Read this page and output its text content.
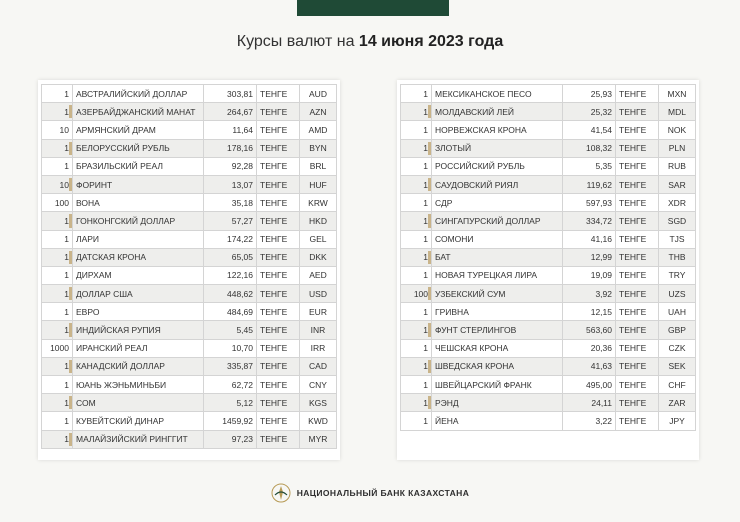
Курсы валют на 14 июня 2023 года
1	АВСТРАЛИЙСКИЙ ДОЛЛАР	303,81	ТЕНГЕ	AUD
1	АЗЕРБАЙДЖАНСКИЙ МАНАТ	264,67	ТЕНГЕ	AZN
10	АРМЯНСКИЙ ДРАМ	11,64	ТЕНГЕ	AMD
1	БЕЛОРУССКИЙ РУБЛЬ	178,16	ТЕНГЕ	BYN
1	БРАЗИЛЬСКИЙ РЕАЛ	92,28	ТЕНГЕ	BRL
10	ФОРИНТ	13,07	ТЕНГЕ	HUF
100	ВОНА	35,18	ТЕНГЕ	KRW
1	ГОНКОНГСКИЙ ДОЛЛАР	57,27	ТЕНГЕ	HKD
1	ЛАРИ	174,22	ТЕНГЕ	GEL
1	ДАТСКАЯ КРОНА	65,05	ТЕНГЕ	DKK
1	ДИРХАМ	122,16	ТЕНГЕ	AED
1	ДОЛЛАР США	448,62	ТЕНГЕ	USD
1	ЕВРО	484,69	ТЕНГЕ	EUR
1	ИНДИЙСКАЯ РУПИЯ	5,45	ТЕНГЕ	INR
1000	ИРАНСКИЙ РЕАЛ	10,70	ТЕНГЕ	IRR
1	КАНАДСКИЙ ДОЛЛАР	335,87	ТЕНГЕ	CAD
1	ЮАНЬ ЖЭНЬМИНЬБИ	62,72	ТЕНГЕ	CNY
1	СОМ	5,12	ТЕНГЕ	KGS
1	КУВЕЙТСКИЙ ДИНАР	1459,92	ТЕНГЕ	KWD
1	МАЛАЙЗИЙСКИЙ РИНГГИТ	97,23	ТЕНГЕ	MYR
1	МЕКСИКАНСКОЕ ПЕСО	25,93	ТЕНГЕ	MXN
1	МОЛДАВСКИЙ ЛЕЙ	25,32	ТЕНГЕ	MDL
1	НОРВЕЖСКАЯ КРОНА	41,54	ТЕНГЕ	NOK
1	ЗЛОТЫЙ	108,32	ТЕНГЕ	PLN
1	РОССИЙСКИЙ РУБЛЬ	5,35	ТЕНГЕ	RUB
1	САУДОВСКИЙ РИЯЛ	119,62	ТЕНГЕ	SAR
1	СДР	597,93	ТЕНГЕ	XDR
1	СИНГАПУРСКИЙ ДОЛЛАР	334,72	ТЕНГЕ	SGD
1	СОМОНИ	41,16	ТЕНГЕ	TJS
1	БАТ	12,99	ТЕНГЕ	THB
1	НОВАЯ ТУРЕЦКАЯ ЛИРА	19,09	ТЕНГЕ	TRY
100	УЗБЕКСКИЙ СУМ	3,92	ТЕНГЕ	UZS
1	ГРИВНА	12,15	ТЕНГЕ	UAH
1	ФУНТ СТЕРЛИНГОВ	563,60	ТЕНГЕ	GBP
1	ЧЕШСКАЯ КРОНА	20,36	ТЕНГЕ	CZK
1	ШВЕДСКАЯ КРОНА	41,63	ТЕНГЕ	SEK
1	ШВЕЙЦАРСКИЙ ФРАНК	495,00	ТЕНГЕ	CHF
1	РЭНД	24,11	ТЕНГЕ	ZAR
1	ЙЕНА	3,22	ТЕНГЕ	JPY
НАЦИОНАЛЬНЫЙ БАНК КАЗАХСТАНА
